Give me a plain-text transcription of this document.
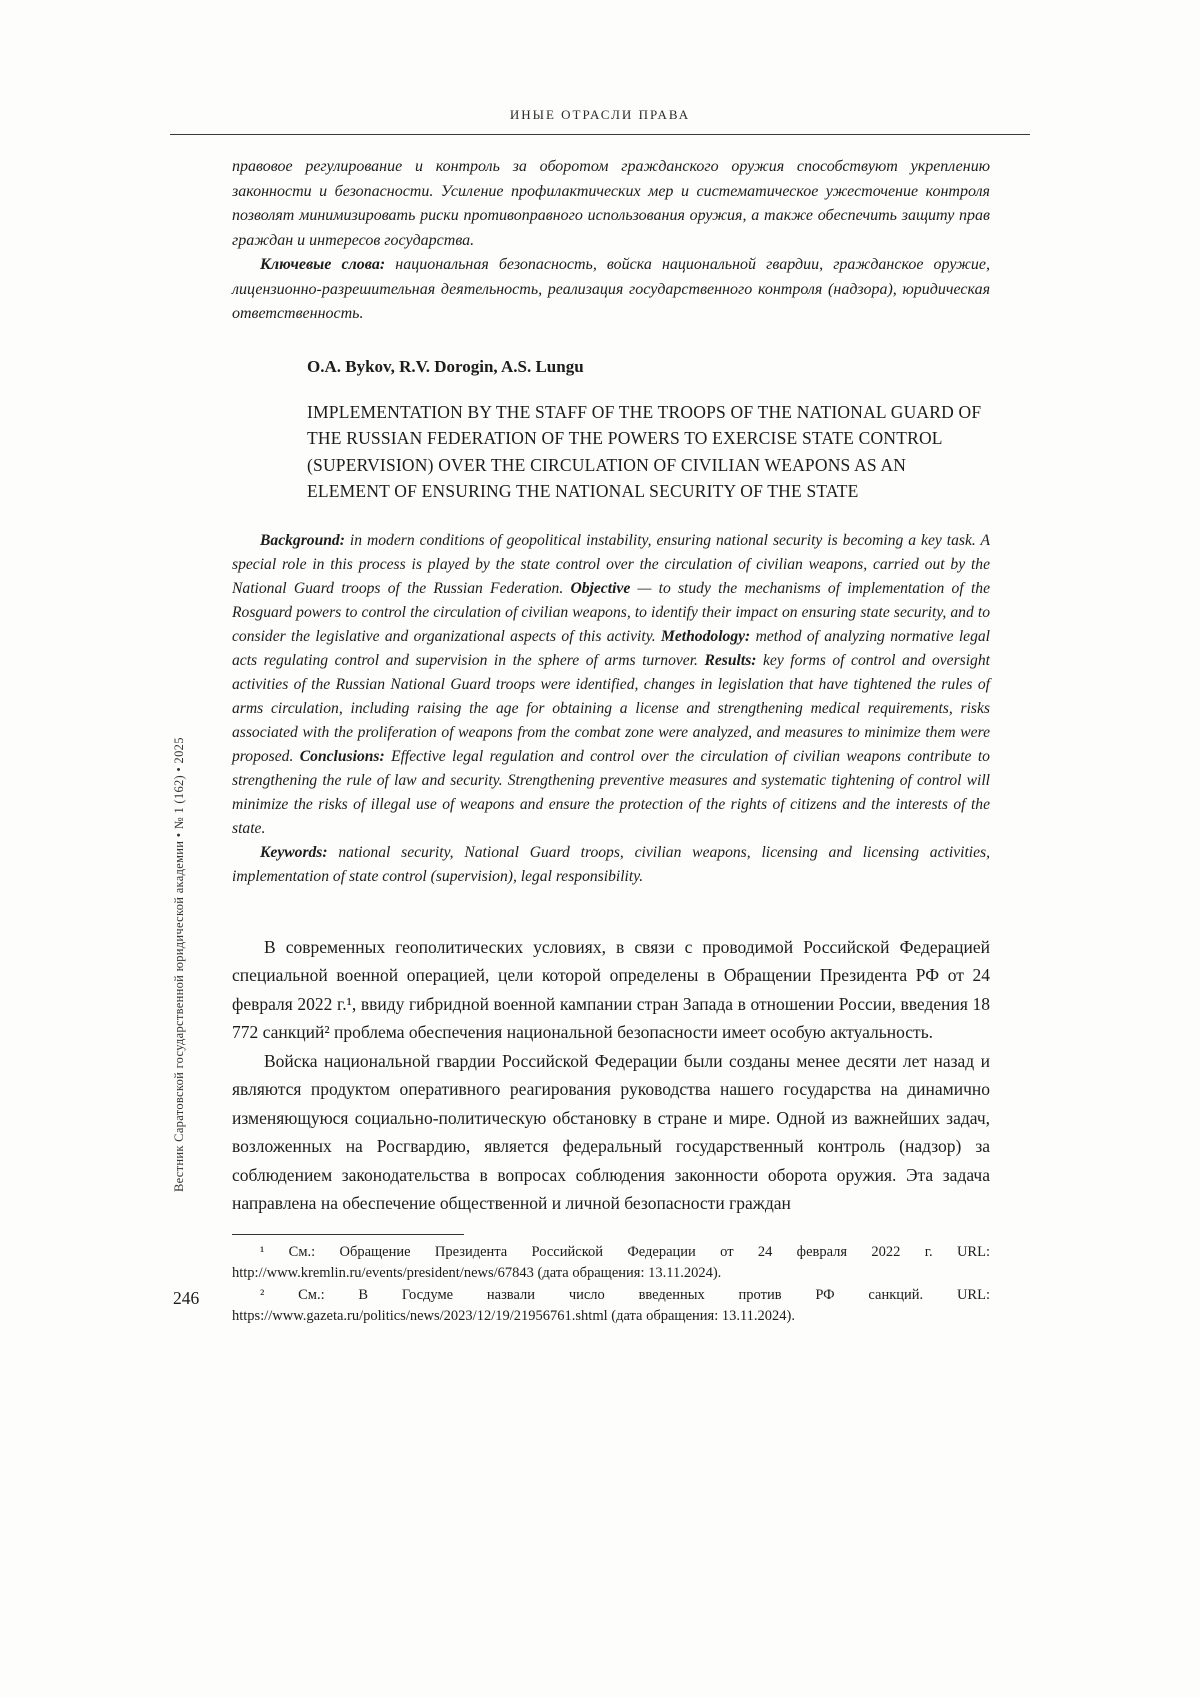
ИНЫЕ ОТРАСЛИ ПРАВА
Вестник Саратовской государственной юридической академии • № 1 (162) • 2025

правовое регулирование и контроль за оборотом гражданского оружия способствуют укреплению законности и безопасности. Усиление профилактических мер и систематическое ужесточение контроля позволят минимизировать риски противоправного использования оружия, а также обеспечить защиту прав граждан и интересов государства.

Ключевые слова: национальная безопасность, войска национальной гвардии, гражданское оружие, лицензионно-разрешительная деятельность, реализация государственного контроля (надзора), юридическая ответственность.

O.A. Bykov, R.V. Dorogin, A.S. Lungu

IMPLEMENTATION BY THE STAFF OF THE TROOPS OF THE NATIONAL GUARD OF THE RUSSIAN FEDERATION OF THE POWERS TO EXERCISE STATE CONTROL (SUPERVISION) OVER THE CIRCULATION OF CIVILIAN WEAPONS AS AN ELEMENT OF ENSURING THE NATIONAL SECURITY OF THE STATE

Background: in modern conditions of geopolitical instability, ensuring national security is becoming a key task. A special role in this process is played by the state control over the circulation of civilian weapons, carried out by the National Guard troops of the Russian Federation. Objective — to study the mechanisms of implementation of the Rosguard powers to control the circulation of civilian weapons, to identify their impact on ensuring state security, and to consider the legislative and organizational aspects of this activity. Methodology: method of analyzing normative legal acts regulating control and supervision in the sphere of arms turnover. Results: key forms of control and oversight activities of the Russian National Guard troops were identified, changes in legislation that have tightened the rules of arms circulation, including raising the age for obtaining a license and strengthening medical requirements, risks associated with the proliferation of weapons from the combat zone were analyzed, and measures to minimize them were proposed. Conclusions: Effective legal regulation and control over the circulation of civilian weapons contribute to strengthening the rule of law and security. Strengthening preventive measures and systematic tightening of control will minimize the risks of illegal use of weapons and ensure the protection of the rights of citizens and the interests of the state.

Keywords: national security, National Guard troops, civilian weapons, licensing and licensing activities, implementation of state control (supervision), legal responsibility.

В современных геополитических условиях, в связи с проводимой Российской Федерацией специальной военной операцией, цели которой определены в Обращении Президента РФ от 24 февраля 2022 г.¹, ввиду гибридной военной кампании стран Запада в отношении России, введения 18 772 санкций² проблема обеспечения национальной безопасности имеет особую актуальность.

Войска национальной гвардии Российской Федерации были созданы менее десяти лет назад и являются продуктом оперативного реагирования руководства нашего государства на динамично изменяющуюся социально-политическую обстановку в стране и мире. Одной из важнейших задач, возложенных на Росгвардию, является федеральный государственный контроль (надзор) за соблюдением законодательства в вопросах соблюдения законности оборота оружия. Эта задача направлена на обеспечение общественной и личной безопасности граждан

¹ См.: Обращение Президента Российской Федерации от 24 февраля 2022 г. URL: http://www.kremlin.ru/events/president/news/67843 (дата обращения: 13.11.2024).

² См.: В Госдуме назвали число введенных против РФ санкций. URL: https://www.gazeta.ru/politics/news/2023/12/19/21956761.shtml (дата обращения: 13.11.2024).

246
